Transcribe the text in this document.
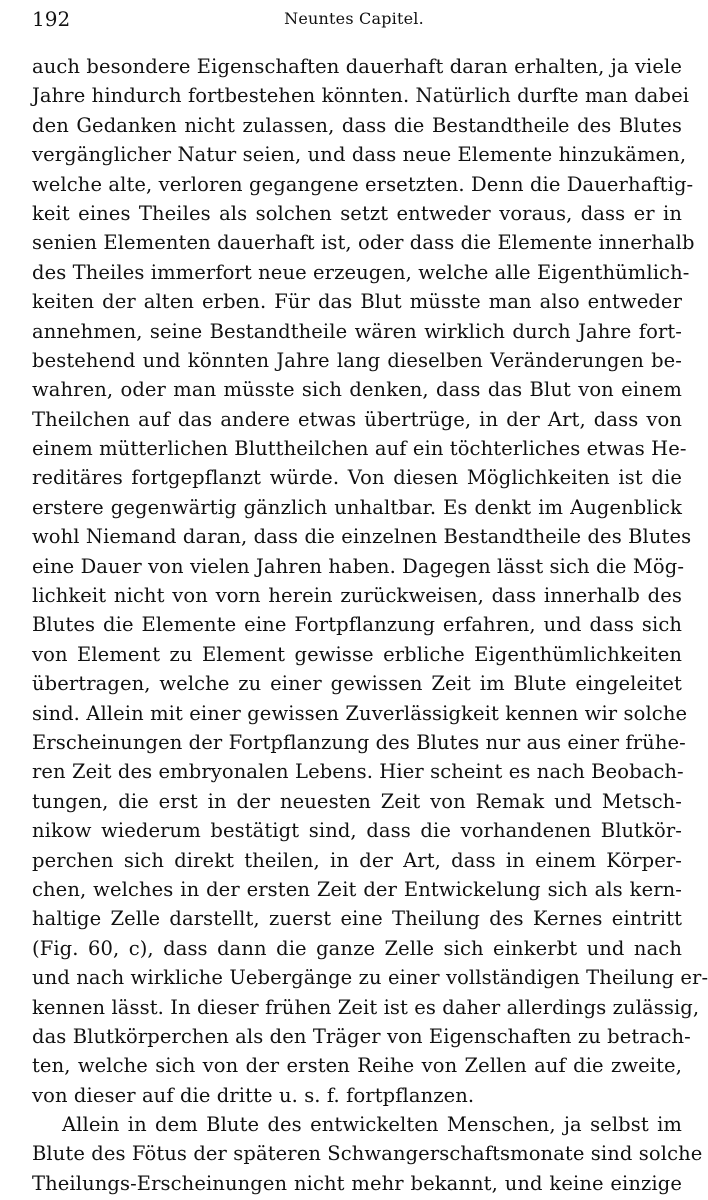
192	Neuntes Capitel.
auch besondere Eigenschaften dauerhaft daran erhalten, ja viele
Jahre hindurch fortbestehen könnten. Natürlich durfte man dabei
den Gedanken nicht zulassen, dass die Bestandtheile des Blutes
vergänglicher Natur seien, und dass neue Elemente hinzukämen,
welche alte, verloren gegangene ersetzten. Denn die Dauerhaftig-
keit eines Theiles als solchen setzt entweder voraus, dass er in
senien Elementen dauerhaft ist, oder dass die Elemente innerhalb
des Theiles immerfort neue erzeugen, welche alle Eigenthümlich-
keiten der alten erben. Für das Blut müsste man also entweder
annehmen, seine Bestandtheile wären wirklich durch Jahre fort-
bestehend und könnten Jahre lang dieselben Veränderungen be-
wahren, oder man müsste sich denken, dass das Blut von einem
Theilchen auf das andere etwas übertrüge, in der Art, dass von
einem mütterlichen Bluttheilchen auf ein töchterliches etwas He-
reditäres fortgepflanzt würde. Von diesen Möglichkeiten ist die
erstere gegenwärtig gänzlich unhaltbar. Es denkt im Augenblick
wohl Niemand daran, dass die einzelnen Bestandtheile des Blutes
eine Dauer von vielen Jahren haben. Dagegen lässt sich die Mög-
lichkeit nicht von vorn herein zurückweisen, dass innerhalb des
Blutes die Elemente eine Fortpflanzung erfahren, und dass sich
von Element zu Element gewisse erbliche Eigenthümlichkeiten
übertragen, welche zu einer gewissen Zeit im Blute eingeleitet
sind. Allein mit einer gewissen Zuverlässigkeit kennen wir solche
Erscheinungen der Fortpflanzung des Blutes nur aus einer frühe-
ren Zeit des embryonalen Lebens. Hier scheint es nach Beobach-
tungen, die erst in der neuesten Zeit von Remak und Metsch-
nikow wiederum bestätigt sind, dass die vorhandenen Blutkör-
perchen sich direkt theilen, in der Art, dass in einem Körper-
chen, welches in der ersten Zeit der Entwickelung sich als kern-
haltige Zelle darstellt, zuerst eine Theilung des Kernes eintritt
(Fig. 60, c), dass dann die ganze Zelle sich einkerbt und nach
und nach wirkliche Uebergänge zu einer vollständigen Theilung er-
kennen lässt. In dieser frühen Zeit ist es daher allerdings zulässig,
das Blutkörperchen als den Träger von Eigenschaften zu betrach-
ten, welche sich von der ersten Reihe von Zellen auf die zweite,
von dieser auf die dritte u. s. f. fortpflanzen.
Allein in dem Blute des entwickelten Menschen, ja selbst im
Blute des Fötus der späteren Schwangerschaftsmonate sind solche
Theilungs-Erscheinungen nicht mehr bekannt, und keine einzige
